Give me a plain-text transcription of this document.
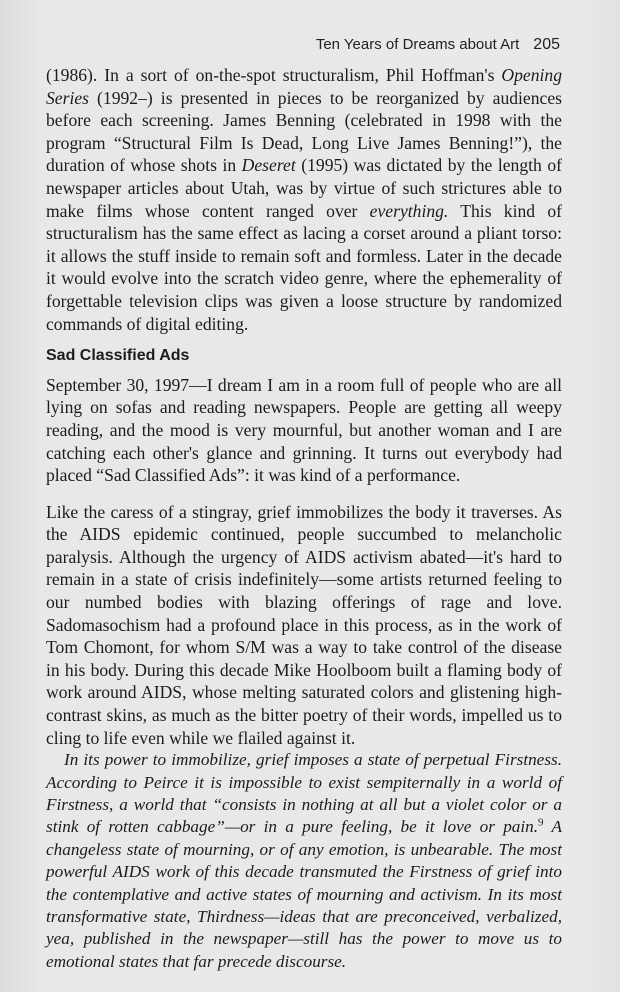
Ten Years of Dreams about Art 205

(1986). In a sort of on-the-spot structuralism, Phil Hoffman's Opening Series (1992–) is presented in pieces to be reorganized by audiences before each screening. James Benning (celebrated in 1998 with the program “Structural Film Is Dead, Long Live James Benning!”), the duration of whose shots in Deseret (1995) was dictated by the length of newspaper articles about Utah, was by virtue of such strictures able to make films whose content ranged over everything. This kind of structuralism has the same effect as lacing a corset around a pliant torso: it allows the stuff inside to remain soft and formless. Later in the decade it would evolve into the scratch video genre, where the ephemerality of forgettable television clips was given a loose structure by randomized commands of digital editing.

Sad Classified Ads

September 30, 1997—I dream I am in a room full of people who are all lying on sofas and reading newspapers. People are getting all weepy reading, and the mood is very mournful, but another woman and I are catching each other's glance and grinning. It turns out everybody had placed “Sad Classified Ads”: it was kind of a performance.

Like the caress of a stingray, grief immobilizes the body it traverses. As the AIDS epidemic continued, people succumbed to melancholic paralysis. Although the urgency of AIDS activism abated—it's hard to remain in a state of crisis indefinitely—some artists returned feeling to our numbed bodies with blazing offerings of rage and love. Sadomasochism had a profound place in this process, as in the work of Tom Chomont, for whom S/M was a way to take control of the disease in his body. During this decade Mike Hoolboom built a flaming body of work around AIDS, whose melting saturated colors and glistening high-contrast skins, as much as the bitter poetry of their words, impelled us to cling to life even while we flailed against it.

In its power to immobilize, grief imposes a state of perpetual Firstness. According to Peirce it is impossible to exist sempiternally in a world of Firstness, a world that “consists in nothing at all but a violet color or a stink of rotten cabbage”—or in a pure feeling, be it love or pain.$^9$ A changeless state of mourning, or of any emotion, is unbearable. The most powerful AIDS work of this decade transmuted the Firstness of grief into the contemplative and active states of mourning and activism. In its most transformative state, Thirdness—ideas that are preconceived, verbalized, yea, published in the newspaper—still has the power to move us to emotional states that far precede discourse.
